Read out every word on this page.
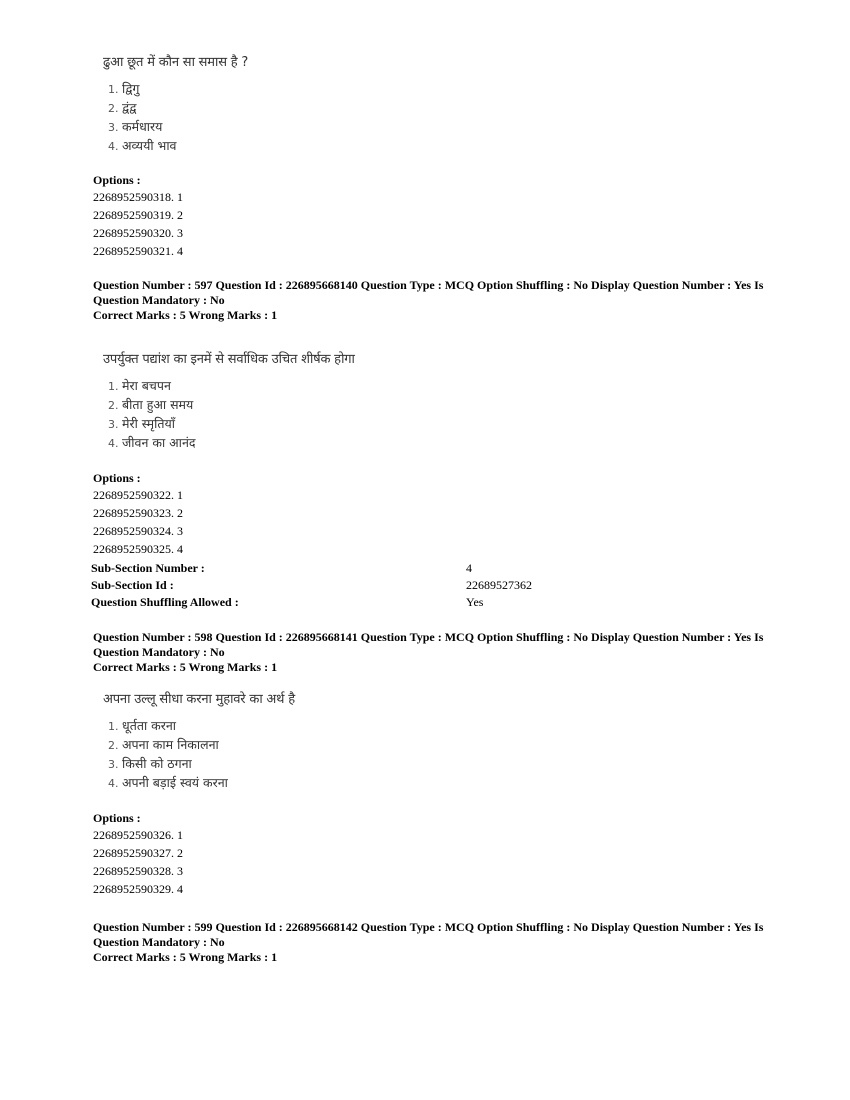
ढुआ छूत में कौन सा समास है ?
1. द्विगु
2. द्वंद्व
3. कर्मधारय
4. अव्ययी भाव
Options :
2268952590318. 1
2268952590319. 2
2268952590320. 3
2268952590321. 4
Question Number : 597 Question Id : 226895668140 Question Type : MCQ Option Shuffling : No Display Question Number : Yes Is Question Mandatory : No
Correct Marks : 5 Wrong Marks : 1
उपर्युक्त पद्यांश का इनमें से सर्वाधिक उचित शीर्षक होगा
1. मेरा बचपन
2. बीता हुआ समय
3. मेरी स्मृतियाँ
4. जीवन का आनंद
Options :
2268952590322. 1
2268952590323. 2
2268952590324. 3
2268952590325. 4
Sub-Section Number :	4
Sub-Section Id :	22689527362
Question Shuffling Allowed :	Yes
Question Number : 598 Question Id : 226895668141 Question Type : MCQ Option Shuffling : No Display Question Number : Yes Is Question Mandatory : No
Correct Marks : 5 Wrong Marks : 1
अपना उल्लू सीधा करना मुहावरे का अर्थ है
1. धूर्तता करना
2. अपना काम निकालना
3. किसी को ठगना
4. अपनी बड़ाई स्वयं करना
Options :
2268952590326. 1
2268952590327. 2
2268952590328. 3
2268952590329. 4
Question Number : 599 Question Id : 226895668142 Question Type : MCQ Option Shuffling : No Display Question Number : Yes Is Question Mandatory : No
Correct Marks : 5 Wrong Marks : 1
